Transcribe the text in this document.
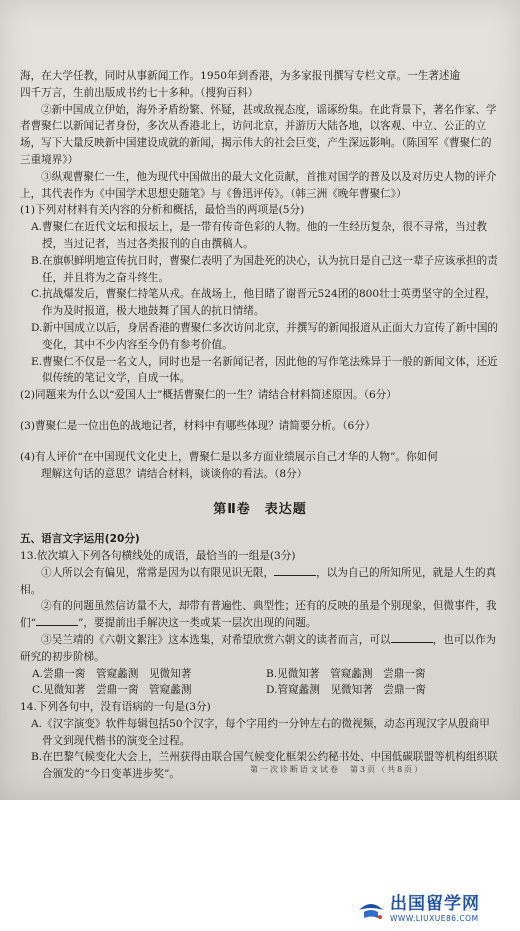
海，在大学任教，同时从事新闻工作。1950年到香港，为多家报刊撰写专栏文章。一生著述逾

四千万言，生前出版成书约七十多种。（搜狗百科）

②新中国成立伊始，海外矛盾纷繁、怀疑，甚或敌视态度，谣诼纷集。在此背景下，著名作家、学者曹聚仁以新闻记者身份，多次从香港北上，访问北京，并游历大陆各地，以客观、中立、公正的立场，写下大量反映新中国建设成就的新闻，揭示伟大的社会巨变，产生深远影响。（陈国军《曹聚仁的三重境界》）

③纵观曹聚仁一生，他为现代中国做出的最大文化贡献，首推对国学的普及以及对历史人物的评介上，其代表作为《中国学术思想史随笔》与《鲁迅评传》。（韩三洲《晚年曹聚仁》）

(1)下列对材料有关内容的分析和概括，最恰当的两项是(5分)

A.曹聚仁在近代文坛和报坛上，是一带有传奇色彩的人物。他的一生经历复杂，很不寻常，当过教授，当过记者，当过各类报刊的自由撰稿人。

B.在旗帜鲜明地宣传抗日时，曹聚仁表明了为国赴死的决心，认为抗日是自己这一辈子应该承担的责任，并且将为之奋斗终生。

C.抗战爆发后，曹聚仁持笔从戎。在战场上，他目睹了谢晋元524团的800壮士英勇坚守的全过程，作为及时报道，极大地鼓舞了国人的抗日情绪。

D.新中国成立以后，身居香港的曹聚仁多次访问北京，并撰写的新闻报道从正面大力宣传了新中国的变化，其中不少内容至今仍有参考价值。

E.曹聚仁不仅是一名文人，同时也是一名新闻记者，因此他的写作笔法殊异于一般的新闻文体，还近似传统的笔记文学，自成一体。

(2)同题来为什么以“爱国人士”概括曹聚仁的一生？请结合材料简述原因。（6分）

(3)曹聚仁是一位出色的战地记者，材料中有哪些体现？请简要分析。（6分）

(4)有人评价“在中国现代文化史上，曹聚仁是以多方面业绩展示自己才华的人物”。你如何

理解这句话的意思？请结合材料，谈谈你的看法。（8分）

第Ⅱ卷　表达题

五、语言文字运用(20分)

13.依次填入下列各句横线处的成语，最恰当的一组是(3分)

①人所以会有偏见，常常是因为以有限见识无限，	，以为自己的所知所见，就是人生的真相。

②有的问题虽然信访量不大，却带有普遍性、典型性；还有的反映的虽是个别现象，但微事件，我们“	”，要提前出手解决这一类或某一层次出现的问题。

③吴兰靖的《六朝文絮注》这本选集，对希望欣赏六朝文的读者而言，可以	，也可以作为研究的初步阶梯。

A.尝鼎一脔　管窥蠡测　见微知著	B.见微知著　管窥蠡测　尝鼎一脔
C.见微知著　尝鼎一脔　管窥蠡测	D.管窥蠡测　见微知著　尝鼎一脔

14.下列各句中，没有语病的一句是(3分)

A.《汉字演变》软件每辑包括50个汉字，每个字用约一分钟左右的微视频，动态再现汉字从殷商甲骨文到现代楷书的演变全过程。

B.在巴黎气候变化大会上，兰州获得由联合国气候变化框架公约秘书处、中国低碳联盟等机构组织联合颁发的“今日变革进步奖”。	第一次诊断语文试卷　第3页（共8页）
出国留学网
WWW.LIUXUE86.COM
